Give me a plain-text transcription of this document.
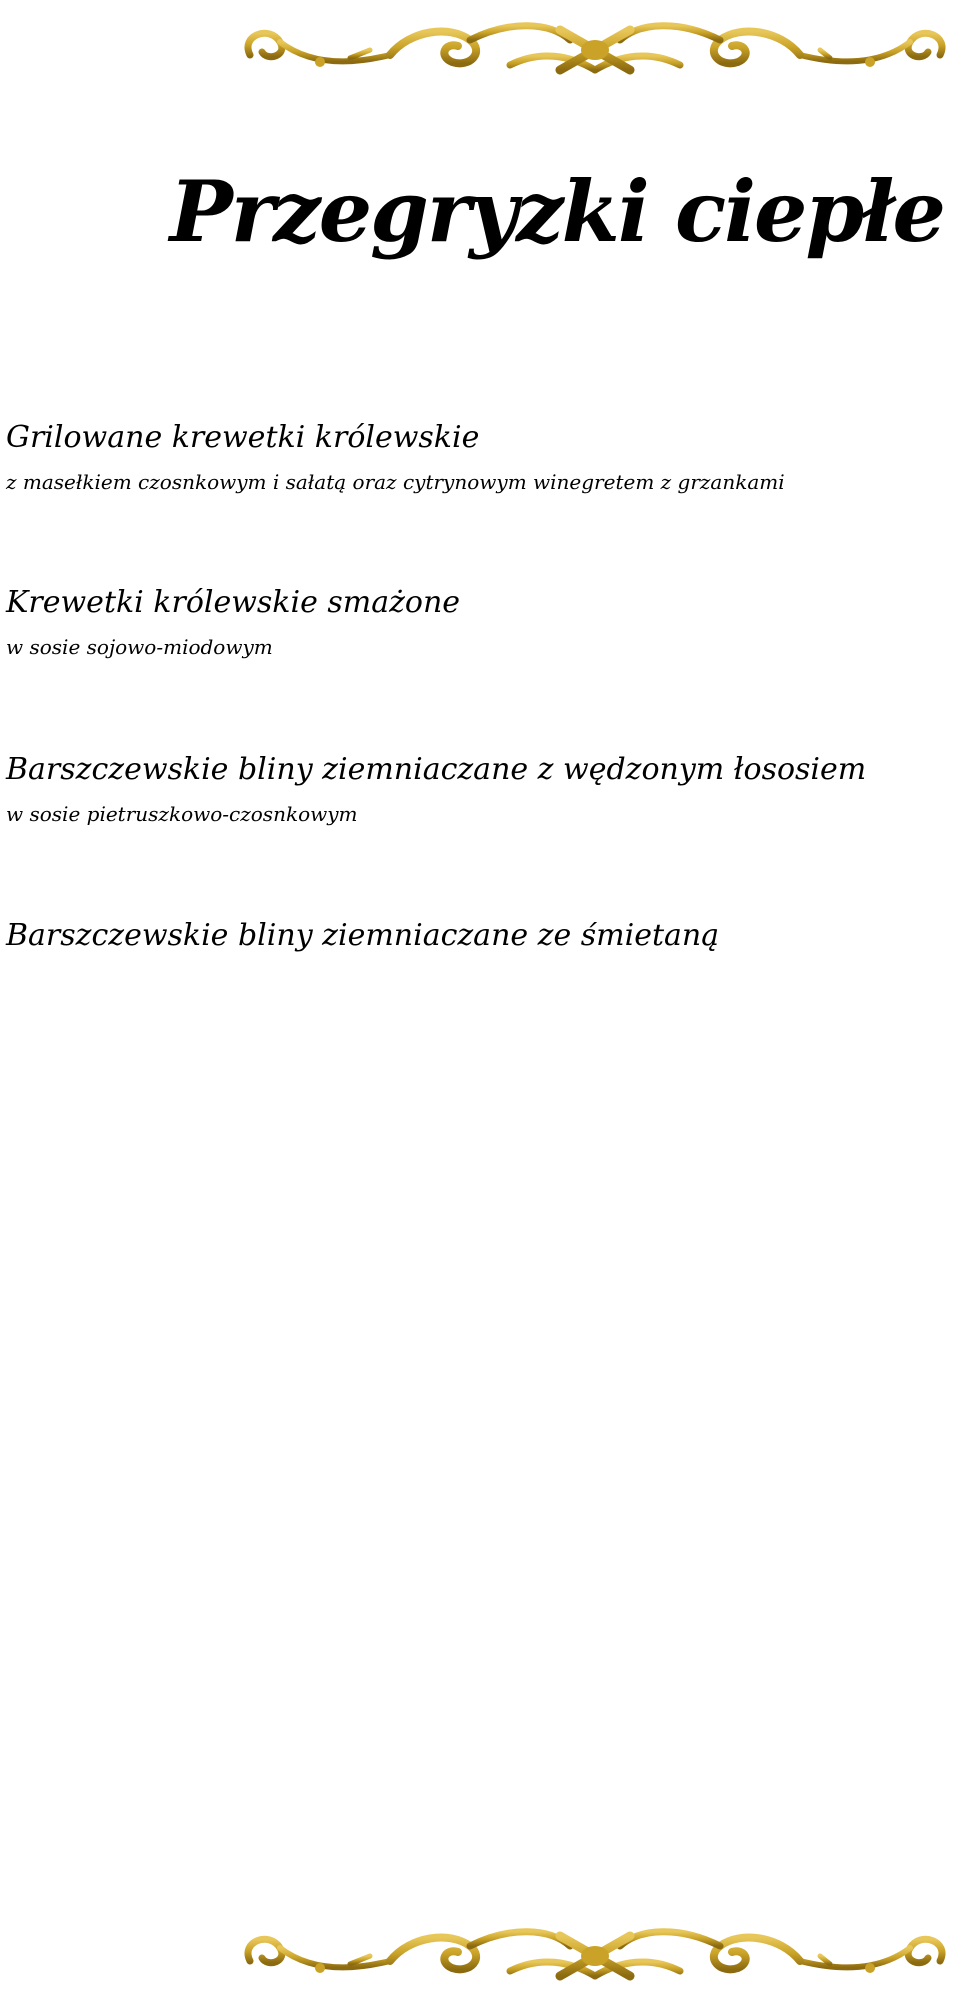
Przegryzki ciepłe
Grilowane krewetki królewskie
z masełkiem czosnkowym i sałatą oraz cytrynowym winegretem z grzankami
Krewetki królewskie smażone
w sosie sojowo-miodowym
Barszczewskie bliny ziemniaczane z wędzonym łososiem
w sosie pietruszkowo-czosnkowym
Barszczewskie bliny ziemniaczane ze śmietaną
